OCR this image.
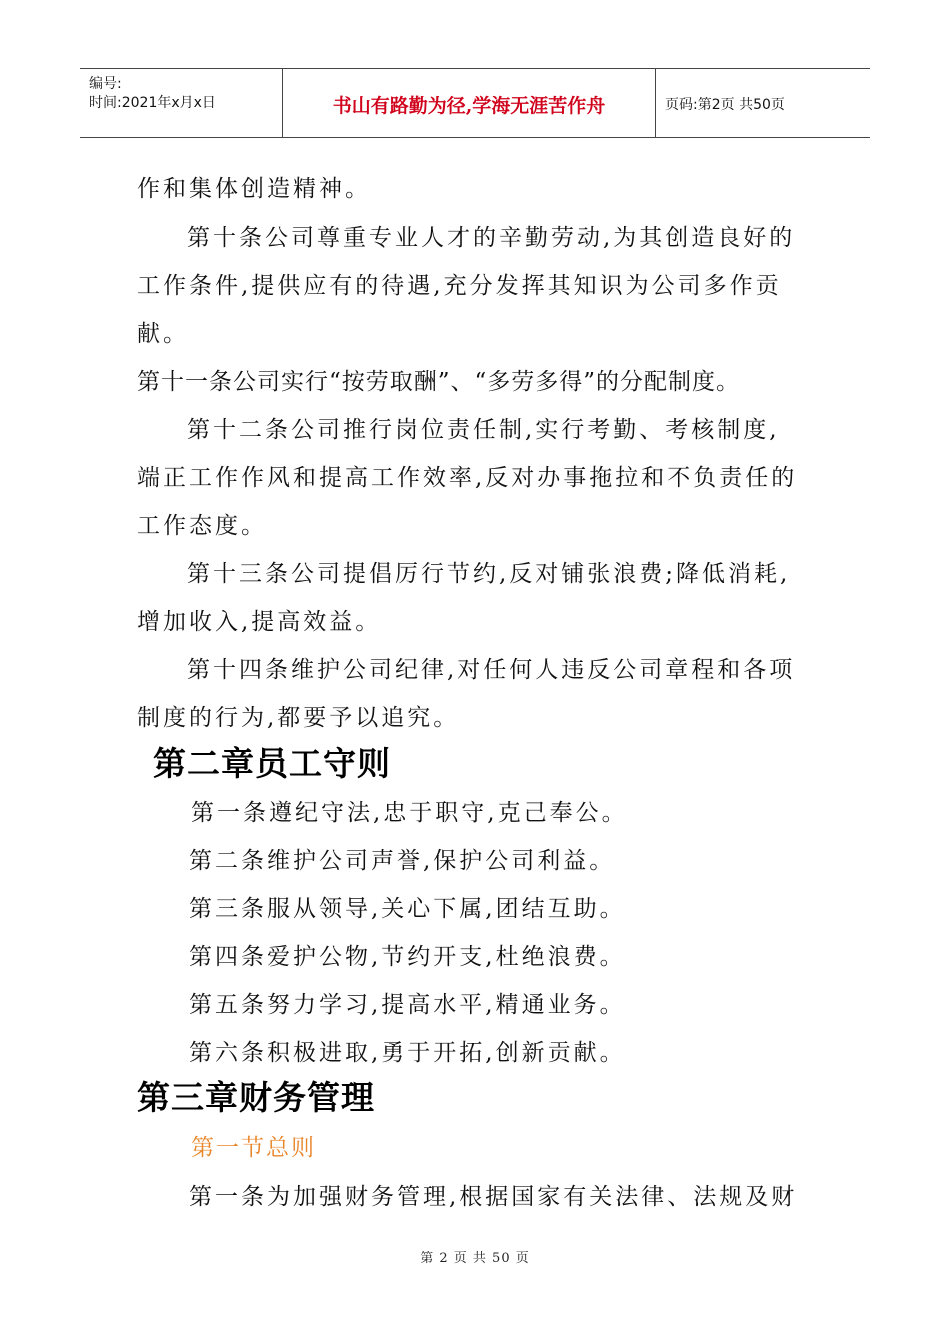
编号:
时间:2021年x月x日	书山有路勤为径,学海无涯苦作舟	页码:第2页 共50页
作和集体创造精神。
第十条公司尊重专业人才的辛勤劳动,为其创造良好的
工作条件,提供应有的待遇,充分发挥其知识为公司多作贡
献。
第十一条公司实行“按劳取酬”、“多劳多得”的分配制度。
第十二条公司推行岗位责任制,实行考勤、考核制度,
端正工作作风和提高工作效率,反对办事拖拉和不负责任的
工作态度。
第十三条公司提倡厉行节约,反对铺张浪费;降低消耗,
增加收入,提高效益。
第十四条维护公司纪律,对任何人违反公司章程和各项
制度的行为,都要予以追究。
第二章员工守则
第一条遵纪守法,忠于职守,克己奉公。
第二条维护公司声誉,保护公司利益。
第三条服从领导,关心下属,团结互助。
第四条爱护公物,节约开支,杜绝浪费。
第五条努力学习,提高水平,精通业务。
第六条积极进取,勇于开拓,创新贡献。
第三章财务管理
第一节总则
第一条为加强财务管理,根据国家有关法律、法规及财
第 2 页 共 50 页
